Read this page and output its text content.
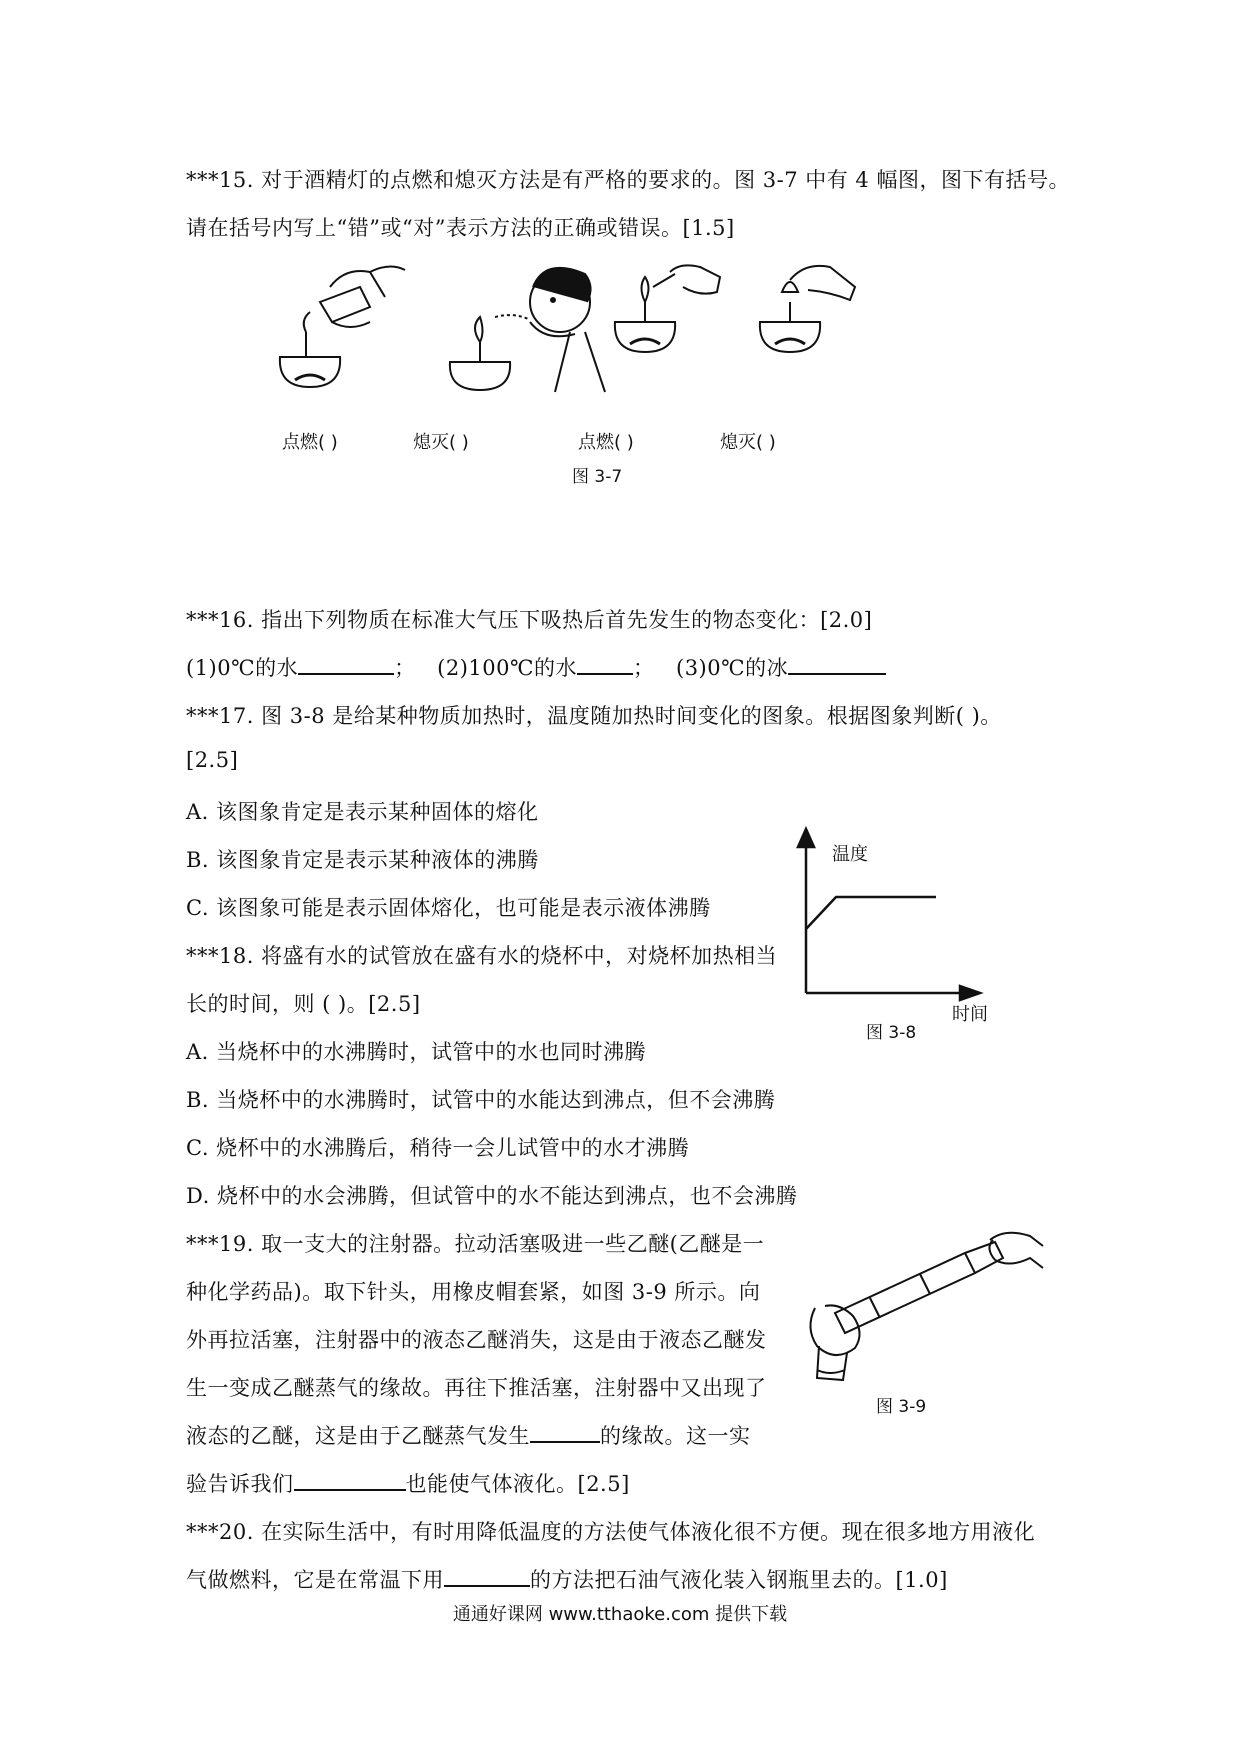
***15. 对于酒精灯的点燃和熄灭方法是有严格的要求的。图 3-7 中有 4 幅图，图下有括号。
请在括号内写上“错”或“对”表示方法的正确或错误。[1.5]
点燃( )	熄灭( )	点燃( )	熄灭( )
图 3-7
***16. 指出下列物质在标准大气压下吸热后首先发生的物态变化：[2.0]
(1)0℃的水	； (2)100℃的水	； (3)0℃的冰
***17. 图 3-8 是给某种物质加热时，温度随加热时间变化的图象。根据图象判断( )。
[2.5]
A. 该图象肯定是表示某种固体的熔化
B. 该图象肯定是表示某种液体的沸腾
C. 该图象可能是表示固体熔化，也可能是表示液体沸腾
温度
时间
图 3-8
***18. 将盛有水的试管放在盛有水的烧杯中，对烧杯加热相当
长的时间，则 ( )。[2.5]
A. 当烧杯中的水沸腾时，试管中的水也同时沸腾
B. 当烧杯中的水沸腾时，试管中的水能达到沸点，但不会沸腾
C. 烧杯中的水沸腾后，稍待一会儿试管中的水才沸腾
D. 烧杯中的水会沸腾，但试管中的水不能达到沸点，也不会沸腾
***19. 取一支大的注射器。拉动活塞吸进一些乙醚(乙醚是一
种化学药品)。取下针头，用橡皮帽套紧，如图 3-9 所示。向
外再拉活塞，注射器中的液态乙醚消失，这是由于液态乙醚发
生一变成乙醚蒸气的缘故。再往下推活塞，注射器中又出现了
液态的乙醚，这是由于乙醚蒸气发生	的缘故。这一实
验告诉我们	也能使气体液化。[2.5]
图 3-9
***20. 在实际生活中，有时用降低温度的方法使气体液化很不方便。现在很多地方用液化
气做燃料，它是在常温下用	的方法把石油气液化装入钢瓶里去的。[1.0]
通通好课网 www.tthaoke.com 提供下载
